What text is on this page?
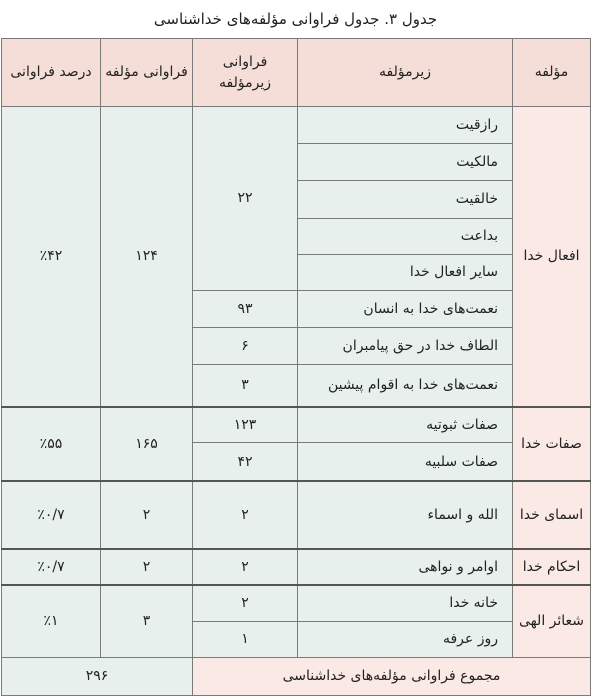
جدول ۳. جدول فراوانی مؤلفه‌های خداشناسی
مؤلفه	زیرمؤلفه	فراوانی زیرمؤلفه	فراوانی مؤلفه	درصد فراوانی
افعال خدا	رازقیت	۲۲	۱۲۴	٪۴۲
	مالکیت			
	خالقیت			
	بداعت			
	سایر افعال خدا			
	نعمت‌های خدا به انسان	۹۳		
	الطاف خدا در حق پیامبران	۶		
	نعمت‌های خدا به اقوام پیشین	۳		
صفات خدا	صفات ثبوتیه	۱۲۳	۱۶۵	٪۵۵
	صفات سلبیه	۴۲		
اسمای خدا	الله و اسماء	۲	۲	٪۰/۷
احکام خدا	اوامر و نواهی	۲	۲	٪۰/۷
شعائر الهی	خانه خدا	۲	۳	٪۱
	روز عرفه	۱		
مجموع فراوانی مؤلفه‌های خداشناسی			۲۹۶	
